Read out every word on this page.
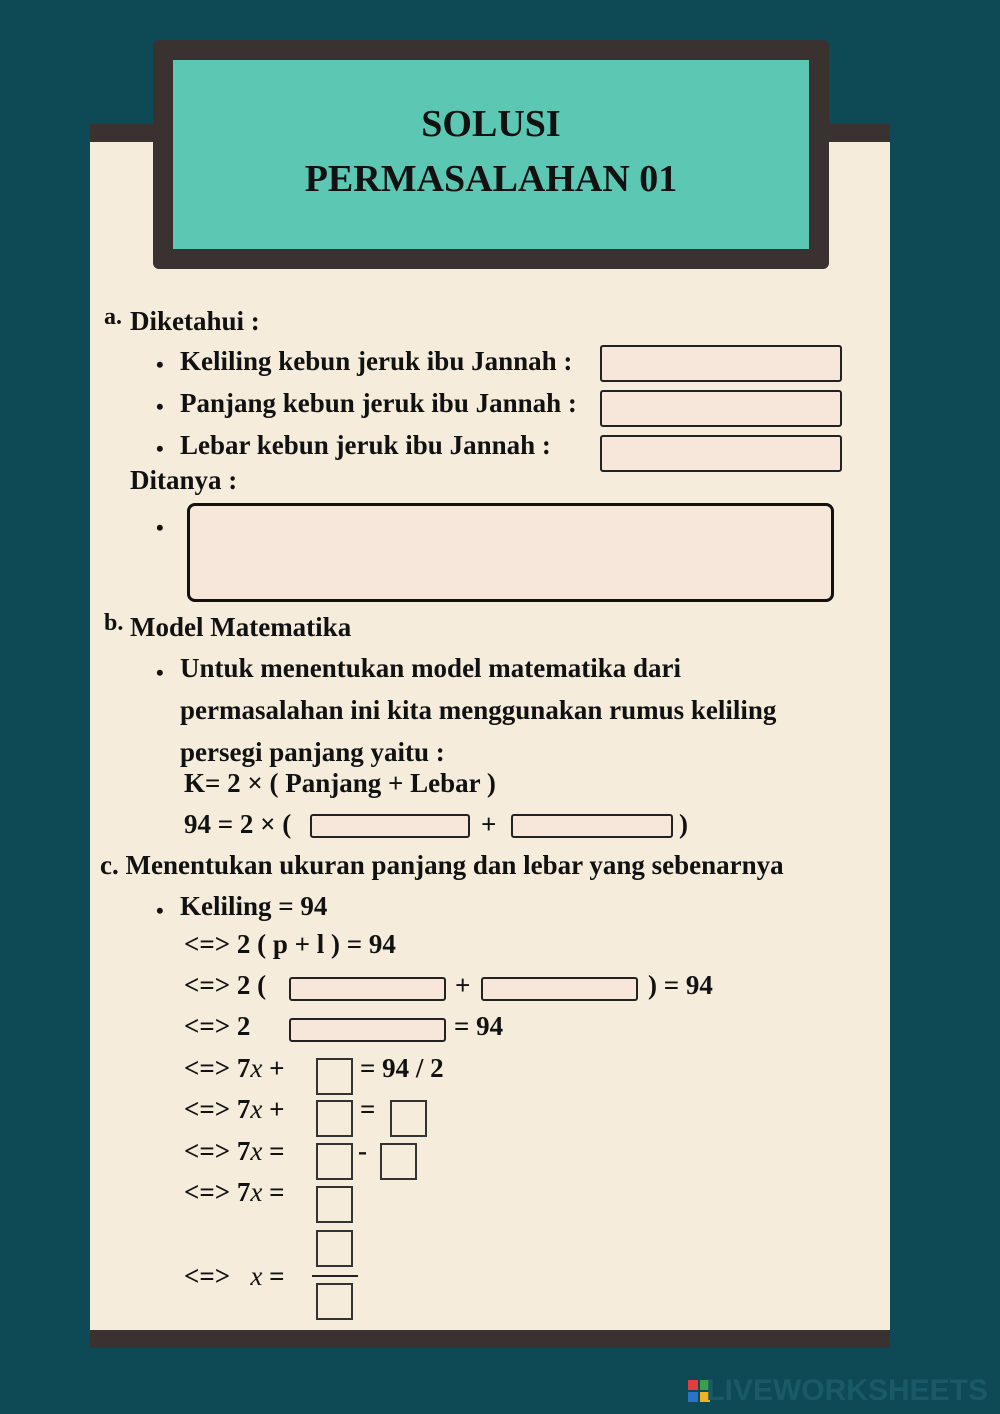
SOLUSI
PERMASALAHAN 01
a. Diketahui :
• Keliling kebun jeruk ibu Jannah :
• Panjang kebun jeruk ibu Jannah :
• Lebar kebun jeruk ibu Jannah :
Ditanya :
•
b. Model Matematika
• Untuk menentukan model matematika dari
permasalahan ini kita menggunakan rumus keliling
persegi panjang yaitu :
K= 2 × ( Panjang + Lebar )
94 = 2 × (	+	)
c. Menentukan ukuran panjang dan lebar yang sebenarnya
• Keliling = 94
<=> 2 ( p + l ) = 94
<=> 2 (	+	) = 94
<=> 2	= 94
<=> 7x +	= 94 / 2
<=> 7x +	=
<=> 7x =	-
<=> 7x =
<=> x =
LIVEWORKSHEETS
